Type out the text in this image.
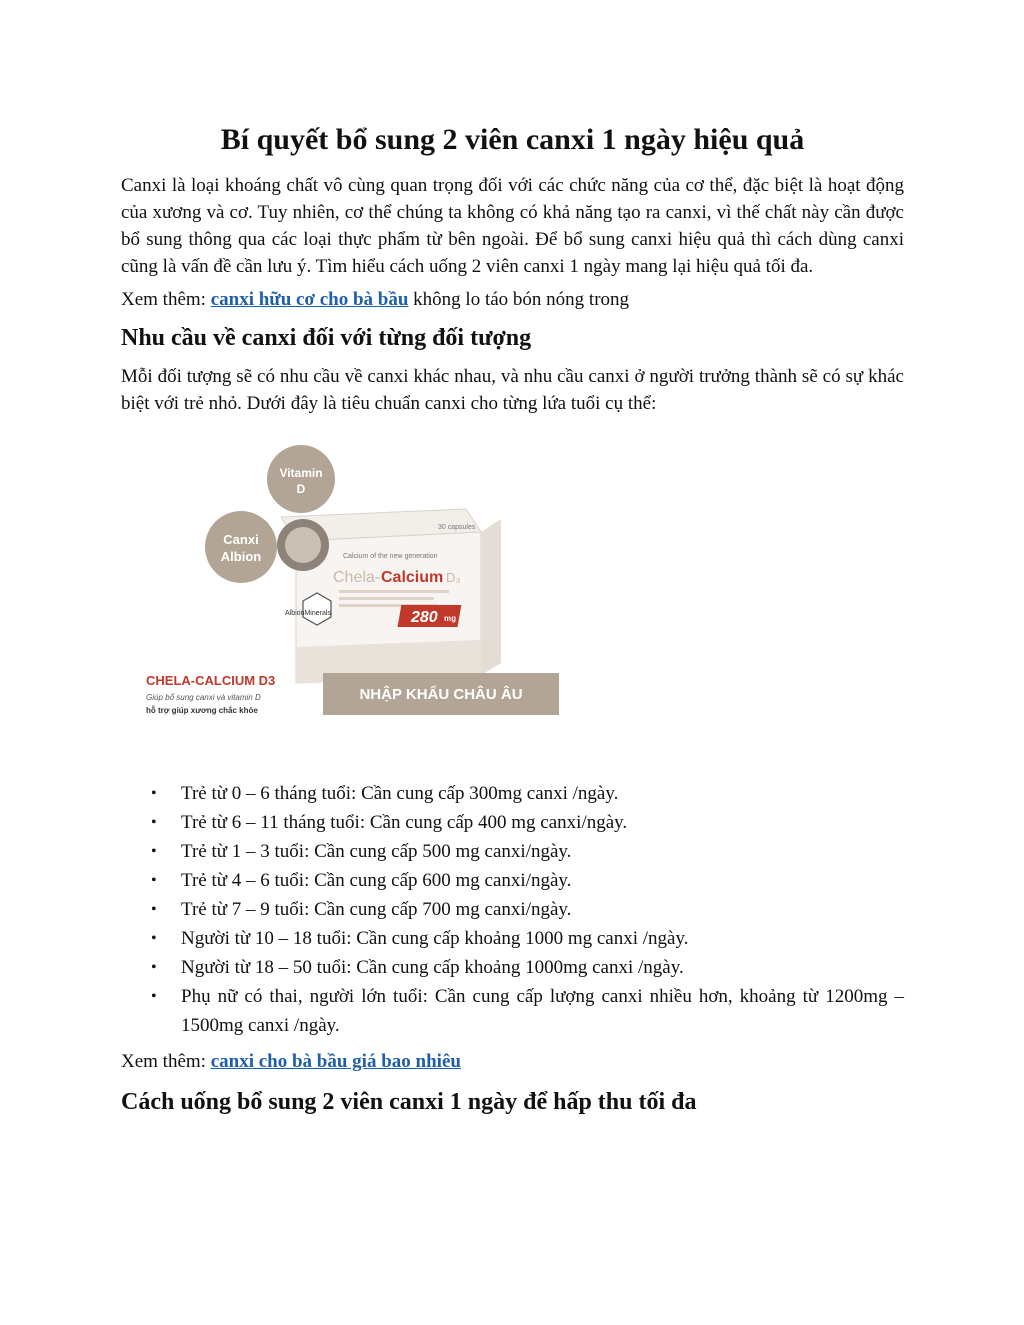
Bí quyết bổ sung 2 viên canxi 1 ngày hiệu quả

Canxi là loại khoáng chất vô cùng quan trọng đối với các chức năng của cơ thể, đặc biệt là hoạt động của xương và cơ. Tuy nhiên, cơ thể chúng ta không có khả năng tạo ra canxi, vì thế chất này cần được bổ sung thông qua các loại thực phẩm từ bên ngoài. Để bổ sung canxi hiệu quả thì cách dùng canxi cũng là vấn đề cần lưu ý. Tìm hiểu cách uống 2 viên canxi 1 ngày mang lại hiệu quả tối đa.

Xem thêm: canxi hữu cơ cho bà bầu không lo táo bón nóng trong

Nhu cầu về canxi đối với từng đối tượng

Mỗi đối tượng sẽ có nhu cầu về canxi khác nhau, và nhu cầu canxi ở người trưởng thành sẽ có sự khác biệt với trẻ nhỏ. Dưới đây là tiêu chuẩn canxi cho từng lứa tuổi cụ thể:

30 capsules
Calcium of the new generation
Chela- Calcium D₃
280 mg
AlbionMinerals
Vitamin
D
Canxi
Albion
NHẬP KHẨU CHÂU ÂU
CHELA-CALCIUM D3
Giúp bổ sung canxi và vitamin D
hỗ trợ giúp xương chắc khỏe
• Trẻ từ 0 – 6 tháng tuổi: Cần cung cấp 300mg canxi /ngày.
• Trẻ từ 6 – 11 tháng tuổi: Cần cung cấp 400 mg canxi/ngày.
• Trẻ từ 1 – 3 tuổi: Cần cung cấp 500 mg canxi/ngày.
• Trẻ từ 4 – 6 tuổi: Cần cung cấp 600 mg canxi/ngày.
• Trẻ từ 7 – 9 tuổi: Cần cung cấp 700 mg canxi/ngày.
• Người từ 10 – 18 tuổi: Cần cung cấp khoảng 1000 mg canxi /ngày.
• Người từ 18 – 50 tuổi: Cần cung cấp khoảng 1000mg canxi /ngày.
• Phụ nữ có thai, người lớn tuổi: Cần cung cấp lượng canxi nhiều hơn, khoảng từ 1200mg – 1500mg canxi /ngày.

Xem thêm: canxi cho bà bầu giá bao nhiêu

Cách uống bổ sung 2 viên canxi 1 ngày để hấp thu tối đa
